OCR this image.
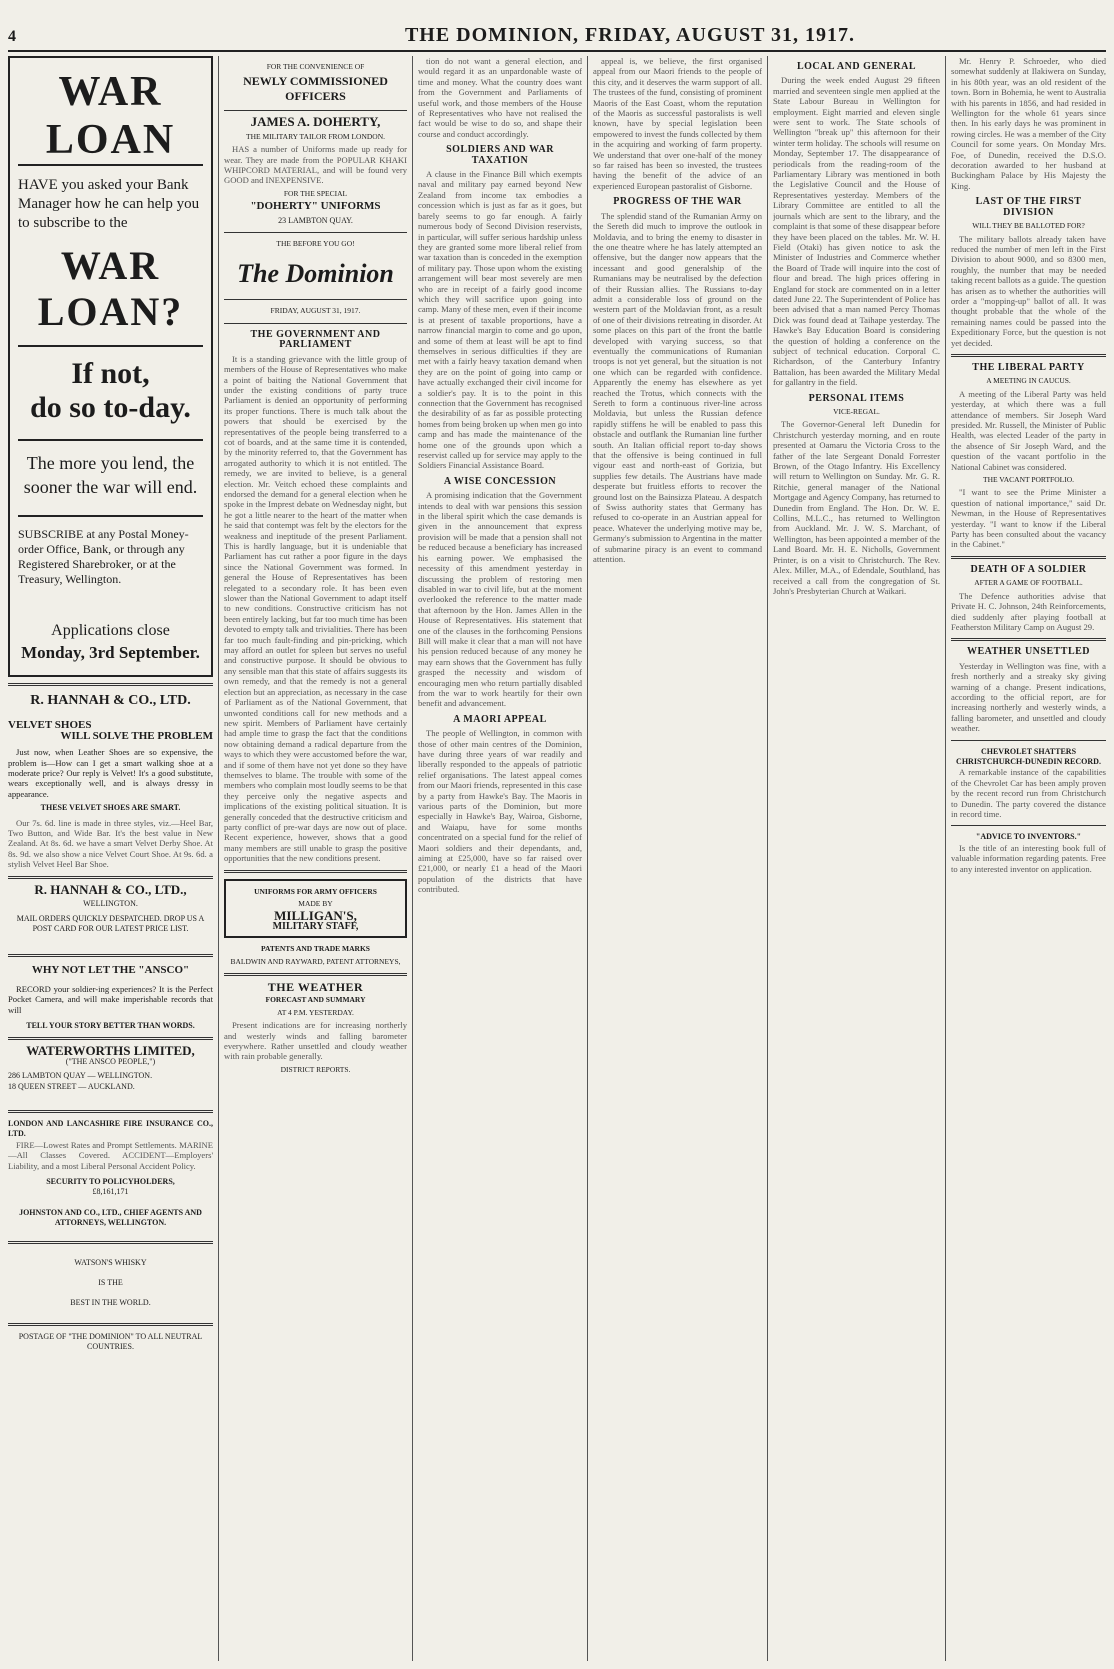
4	THE DOMINION, FRIDAY, AUGUST 31, 1917.
WAR LOAN
HAVE you asked your Bank Manager how he can help you to subscribe to the
WAR LOAN?
If not,
do so to-day.
The more you lend, the sooner the war will end.
SUBSCRIBE at any Postal Money-order Office, Bank, or through any Registered Sharebroker, or at the Treasury, Wellington.
Applications close
Monday, 3rd September.
R. HANNAH & CO., LTD.
VELVET SHOES
WILL SOLVE THE PROBLEM

Just now, when Leather Shoes are so expensive, the problem is—How can I get a smart walking shoe at a moderate price? Our reply is Velvet! It's a good substitute, wears exceptionally well, and is always dressy in appearance.

THESE VELVET SHOES ARE SMART.

Our 7s. 6d. line is made in three styles, viz.—Heel Bar, Two Button, and Wide Bar. It's the best value in New Zealand. At 8s. 6d. we have a smart Velvet Derby Shoe. At 8s. 9d. we also show a nice Velvet Court Shoe. At 9s. 6d. a stylish Velvet Heel Bar Shoe.

R. HANNAH & CO., LTD.,
WELLINGTON.
MAIL ORDERS QUICKLY DESPATCHED. DROP US A POST CARD FOR OUR LATEST PRICE LIST.
WHY NOT LET THE "ANSCO"

RECORD your soldier-ing experiences? It is the Perfect Pocket Camera, and will make imperishable records that will

TELL YOUR STORY BETTER THAN WORDS.
WATERWORTHS LIMITED,
("THE ANSCO PEOPLE,")
286 LAMBTON QUAY — WELLINGTON.
18 QUEEN STREET — AUCKLAND.
LONDON AND LANCASHIRE FIRE INSURANCE CO., LTD.

FIRE—Lowest Rates and Prompt Settlements. MARINE—All Classes Covered. ACCIDENT—Employers' Liability, and a most Liberal Personal Accident Policy.

SECURITY TO POLICYHOLDERS,
£8,161,171
JOHNSTON AND CO., LTD., CHIEF AGENTS AND ATTORNEYS, WELLINGTON.
WATSON'S WHISKY
IS THE
BEST IN THE WORLD.
POSTAGE OF "THE DOMINION" TO ALL NEUTRAL COUNTRIES.
FOR THE CONVENIENCE OF
NEWLY COMMISSIONED OFFICERS
JAMES A. DOHERTY,
THE MILITARY TAILOR FROM LONDON.

HAS a number of Uniforms made up ready for wear. They are made from the POPULAR KHAKI WHIPCORD MATERIAL, and will be found very GOOD and INEXPENSIVE.

FOR THE SPECIAL
"DOHERTY" UNIFORMS
23 LAMBTON QUAY.
THE BEFORE YOU GO!
The Dominion
FRIDAY, AUGUST 31, 1917.
THE GOVERNMENT AND PARLIAMENT

It is a standing grievance with the little group of members of the House of Representatives who make a point of baiting the National Government that under the existing conditions of party truce Parliament is denied an opportunity of performing its proper functions. There is much talk about the powers that should be exercised by the representatives of the people being transferred to a cot of boards, and at the same time it is contended, by the minority referred to, that the Government has arrogated authority to which it is not entitled. The remedy, we are invited to believe, is a general election. Mr. Veitch echoed these complaints and endorsed the demand for a general election when he spoke in the Imprest debate on Wednesday night, but he got a little nearer to the heart of the matter when he said that contempt was felt by the electors for the weakness and ineptitude of the present Parliament. This is hardly language, but it is undeniable that Parliament has cut rather a poor figure in the days since the National Government was formed. In general the House of Representatives has been relegated to a secondary role. It has been even slower than the National Government to adapt itself to new conditions. Constructive criticism has not been entirely lacking, but far too much time has been devoted to empty talk and trivialities. There has been far too much fault-finding and pin-pricking, which may afford an outlet for spleen but serves no useful and constructive purpose. It should be obvious to any sensible man that this state of affairs suggests its own remedy, and that the remedy is not a general election but an appreciation, as necessary in the case of Parliament as of the National Government, that unwonted conditions call for new methods and a new spirit. Members of Parliament have certainly had ample time to grasp the fact that the conditions now obtaining demand a radical departure from the ways to which they were accustomed before the war, and if some of them have not yet done so they have themselves to blame. The trouble with some of the members who complain most loudly seems to be that they perceive only the negative aspects and implications of the existing political situation. It is generally conceded that the destructive criticism and party conflict of pre-war days are now out of place. Recent experience, however, shows that a good many members are still unable to grasp the positive opportunities that the new conditions present.

UNIFORMS FOR ARMY OFFICERS
MADE BY
MILLIGAN'S,
MILITARY STAFF,
PATENTS AND TRADE MARKS
BALDWIN AND RAYWARD, PATENT ATTORNEYS,
THE WEATHER
FORECAST AND SUMMARY
AT 4 P.M. YESTERDAY.

Present indications are for increasing northerly and westerly winds and falling barometer everywhere. Rather unsettled and cloudy weather with rain probable generally.

DISTRICT REPORTS.

tion do not want a general election, and would regard it as an unpardonable waste of time and money. What the country does want from the Government and Parliaments of useful work, and those members of the House of Representatives who have not realised the fact would be wise to do so, and shape their course and conduct accordingly.

SOLDIERS AND WAR TAXATION

A clause in the Finance Bill which exempts naval and military pay earned beyond New Zealand from income tax embodies a concession which is just as far as it goes, but barely seems to go far enough. A fairly numerous body of Second Division reservists, in particular, will suffer serious hardship unless they are granted some more liberal relief from war taxation than is conceded in the exemption of military pay. Those upon whom the existing arrangement will bear most severely are men who are in receipt of a fairly good income which they will sacrifice upon going into camp. Many of these men, even if their income is at present of taxable proportions, have a narrow financial margin to come and go upon, and some of them at least will be apt to find themselves in serious difficulties if they are met with a fairly heavy taxation demand when they are on the point of going into camp or have actually exchanged their civil income for a soldier's pay. It is to the point in this connection that the Government has recognised the desirability of as far as possible protecting homes from being broken up when men go into camp and has made the maintenance of the home one of the grounds upon which a reservist called up for service may apply to the Soldiers Financial Assistance Board.

A WISE CONCESSION

A promising indication that the Government intends to deal with war pensions this session in the liberal spirit which the case demands is given in the announcement that express provision will be made that a pension shall not be reduced because a beneficiary has increased his earning power. We emphasised the necessity of this amendment yesterday in discussing the problem of restoring men disabled in war to civil life, but at the moment overlooked the reference to the matter made that afternoon by the Hon. James Allen in the House of Representatives. His statement that one of the clauses in the forthcoming Pensions Bill will make it clear that a man will not have his pension reduced because of any money he may earn shows that the Government has fully grasped the necessity and wisdom of encouraging men who return partially disabled from the war to work heartily for their own benefit and advancement.

A MAORI APPEAL

The people of Wellington, in common with those of other main centres of the Dominion, have during three years of war readily and liberally responded to the appeals of patriotic relief organisations. The latest appeal comes from our Maori friends, represented in this case by a party from Hawke's Bay. The Maoris in various parts of the Dominion, but more especially in Hawke's Bay, Wairoa, Gisborne, and Waiapu, have for some months concentrated on a special fund for the relief of Maori soldiers and their dependants, and, aiming at £25,000, have so far raised over £21,000, or nearly £1 a head of the Maori population of the districts that have contributed.

appeal is, we believe, the first organised appeal from our Maori friends to the people of this city, and it deserves the warm support of all. The trustees of the fund, consisting of prominent Maoris of the East Coast, whom the reputation of the Maoris as successful pastoralists is well known, have by special legislation been empowered to invest the funds collected by them in the acquiring and working of farm property. We understand that over one-half of the money so far raised has been so invested, the trustees having the benefit of the advice of an experienced European pastoralist of Gisborne.

PROGRESS OF THE WAR

The splendid stand of the Rumanian Army on the Sereth did much to improve the outlook in Moldavia, and to bring the enemy to disaster in the one theatre where he has lately attempted an offensive, but the danger now appears that the incessant and good generalship of the Rumanians may be neutralised by the defection of their Russian allies. The Russians to-day admit a considerable loss of ground on the western part of the Moldavian front, as a result of one of their divisions retreating in disorder. At some places on this part of the front the battle developed with varying success, so that eventually the communications of Rumanian troops is not yet general, but the situation is not one which can be regarded with confidence. Apparently the enemy has elsewhere as yet reached the Trotus, which connects with the Sereth to form a continuous river-line across Moldavia, but unless the Russian defence rapidly stiffens he will be enabled to pass this obstacle and outflank the Rumanian line further south. An Italian official report to-day shows that the offensive is being continued in full vigour east and north-east of Gorizia, but supplies few details. The Austrians have made desperate but fruitless efforts to recover the ground lost on the Bainsizza Plateau. A despatch of Swiss authority states that Germany has refused to co-operate in an Austrian appeal for peace. Whatever the underlying motive may be, Germany's submission to Argentina in the matter of submarine piracy is an event to command attention.

LOCAL AND GENERAL

During the week ended August 29 fifteen married and seventeen single men applied at the State Labour Bureau in Wellington for employment. Eight married and eleven single were sent to work. The State schools of Wellington "break up" this afternoon for their winter term holiday. The schools will resume on Monday, September 17. The disappearance of periodicals from the reading-room of the Parliamentary Library was mentioned in both the Legislative Council and the House of Representatives yesterday. Members of the Library Committee are entitled to all the journals which are sent to the library, and the complaint is that some of these disappear before they have been placed on the tables. Mr. W. H. Field (Otaki) has given notice to ask the Minister of Industries and Commerce whether the Board of Trade will inquire into the cost of flour and bread. The high prices offering in England for stock are commented on in a letter dated June 22. The Superintendent of Police has been advised that a man named Percy Thomas Dick was found dead at Taihape yesterday. The Hawke's Bay Education Board is considering the question of holding a conference on the subject of technical education. Corporal C. Richardson, of the Canterbury Infantry Battalion, has been awarded the Military Medal for gallantry in the field.

PERSONAL ITEMS
VICE-REGAL.

The Governor-General left Dunedin for Christchurch yesterday morning, and en route presented at Oamaru the Victoria Cross to the father of the late Sergeant Donald Forrester Brown, of the Otago Infantry. His Excellency will return to Wellington on Sunday. Mr. G. R. Ritchie, general manager of the National Mortgage and Agency Company, has returned to Dunedin from England. The Hon. Dr. W. E. Collins, M.L.C., has returned to Wellington from Auckland. Mr. J. W. S. Marchant, of Wellington, has been appointed a member of the Land Board. Mr. H. E. Nicholls, Government Printer, is on a visit to Christchurch. The Rev. Alex. Miller, M.A., of Edendale, Southland, has received a call from the congregation of St. John's Presbyterian Church at Waikari.

Mr. Henry P. Schroeder, who died somewhat suddenly at Ilakiwera on Sunday, in his 80th year, was an old resident of the town. Born in Bohemia, he went to Australia with his parents in 1856, and had resided in Wellington for the whole 61 years since then. In his early days he was prominent in rowing circles. He was a member of the City Council for some years. On Monday Mrs. Foe, of Dunedin, received the D.S.O. decoration awarded to her husband at Buckingham Palace by His Majesty the King.

LAST OF THE FIRST DIVISION
WILL THEY BE BALLOTED FOR?

The military ballots already taken have reduced the number of men left in the First Division to about 9000, and so 8300 men, roughly, the number that may be needed taking recent ballots as a guide. The question has arisen as to whether the authorities will order a "mopping-up" ballot of all. It was thought probable that the whole of the remaining names could be passed into the Expeditionary Force, but the question is not yet decided.

THE LIBERAL PARTY
A MEETING IN CAUCUS.

A meeting of the Liberal Party was held yesterday, at which there was a full attendance of members. Sir Joseph Ward presided. Mr. Russell, the Minister of Public Health, was elected Leader of the party in the absence of Sir Joseph Ward, and the question of the vacant portfolio in the National Cabinet was considered.

THE VACANT PORTFOLIO.

"I want to see the Prime Minister a question of national importance," said Dr. Newman, in the House of Representatives yesterday. "I want to know if the Liberal Party has been consulted about the vacancy in the Cabinet."

DEATH OF A SOLDIER
AFTER A GAME OF FOOTBALL.

The Defence authorities advise that Private H. C. Johnson, 24th Reinforcements, died suddenly after playing football at Featherston Military Camp on August 29.

WEATHER UNSETTLED

Yesterday in Wellington was fine, with a fresh northerly and a streaky sky giving warning of a change. Present indications, according to the official report, are for increasing northerly and westerly winds, a falling barometer, and unsettled and cloudy weather.

CHEVROLET SHATTERS CHRISTCHURCH-DUNEDIN RECORD.

A remarkable instance of the capabilities of the Chevrolet Car has been amply proven by the recent record run from Christchurch to Dunedin. The party covered the distance in record time.

"ADVICE TO INVENTORS."

Is the title of an interesting book full of valuable information regarding patents. Free to any interested inventor on application.
